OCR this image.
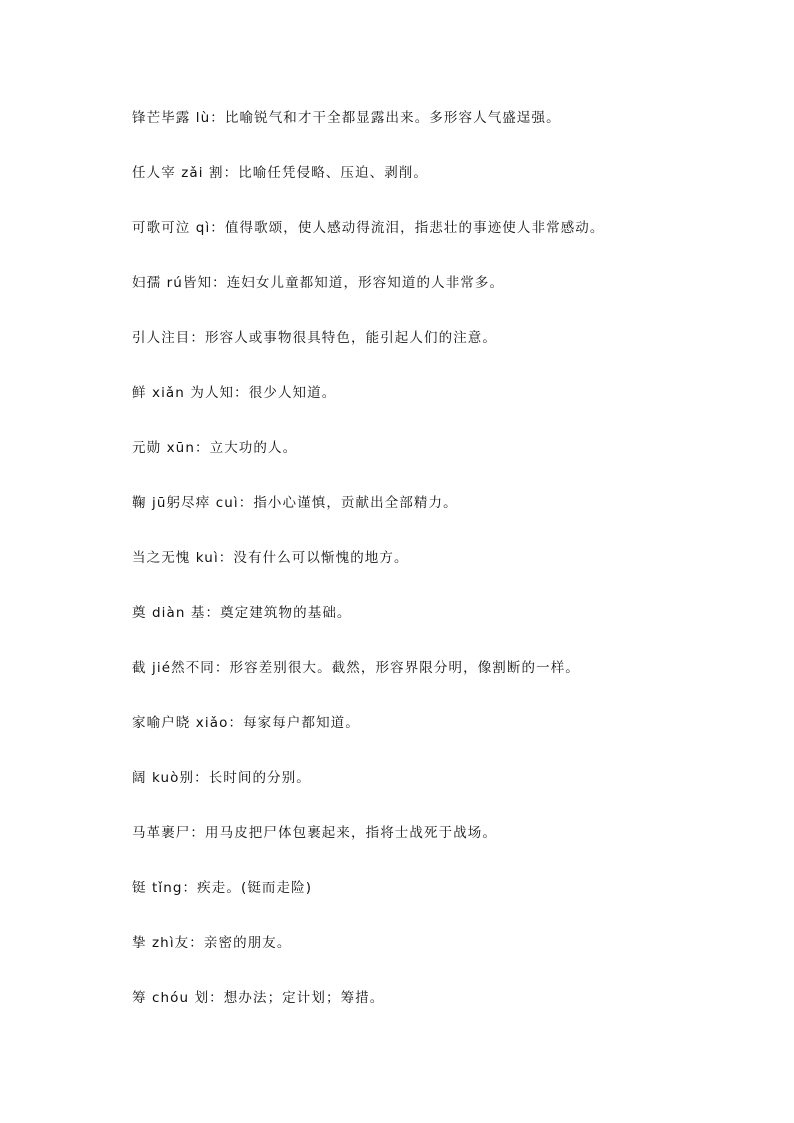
锋芒毕露 lù：比喻锐气和才干全都显露出来。多形容人气盛逞强。
任人宰 zǎi 割：比喻任凭侵略、压迫、剥削。
可歌可泣 qì：值得歌颂，使人感动得流泪，指悲壮的事迹使人非常感动。
妇孺 rú皆知：连妇女儿童都知道，形容知道的人非常多。
引人注目：形容人或事物很具特色，能引起人们的注意。
鲜 xiǎn 为人知：很少人知道。
元勋 xūn：立大功的人。
鞠 jū躬尽瘁 cuì：指小心谨慎，贡献出全部精力。
当之无愧 kuì：没有什么可以惭愧的地方。
奠 diàn 基：奠定建筑物的基础。
截 jié然不同：形容差别很大。截然，形容界限分明，像割断的一样。
家喻户晓 xiǎo：每家每户都知道。
阔 kuò别：长时间的分别。
马革裹尸：用马皮把尸体包裹起来，指将士战死于战场。
铤 tǐng：疾走。(铤而走险)
挚 zhì友：亲密的朋友。
筹 chóu 划：想办法；定计划；筹措。
